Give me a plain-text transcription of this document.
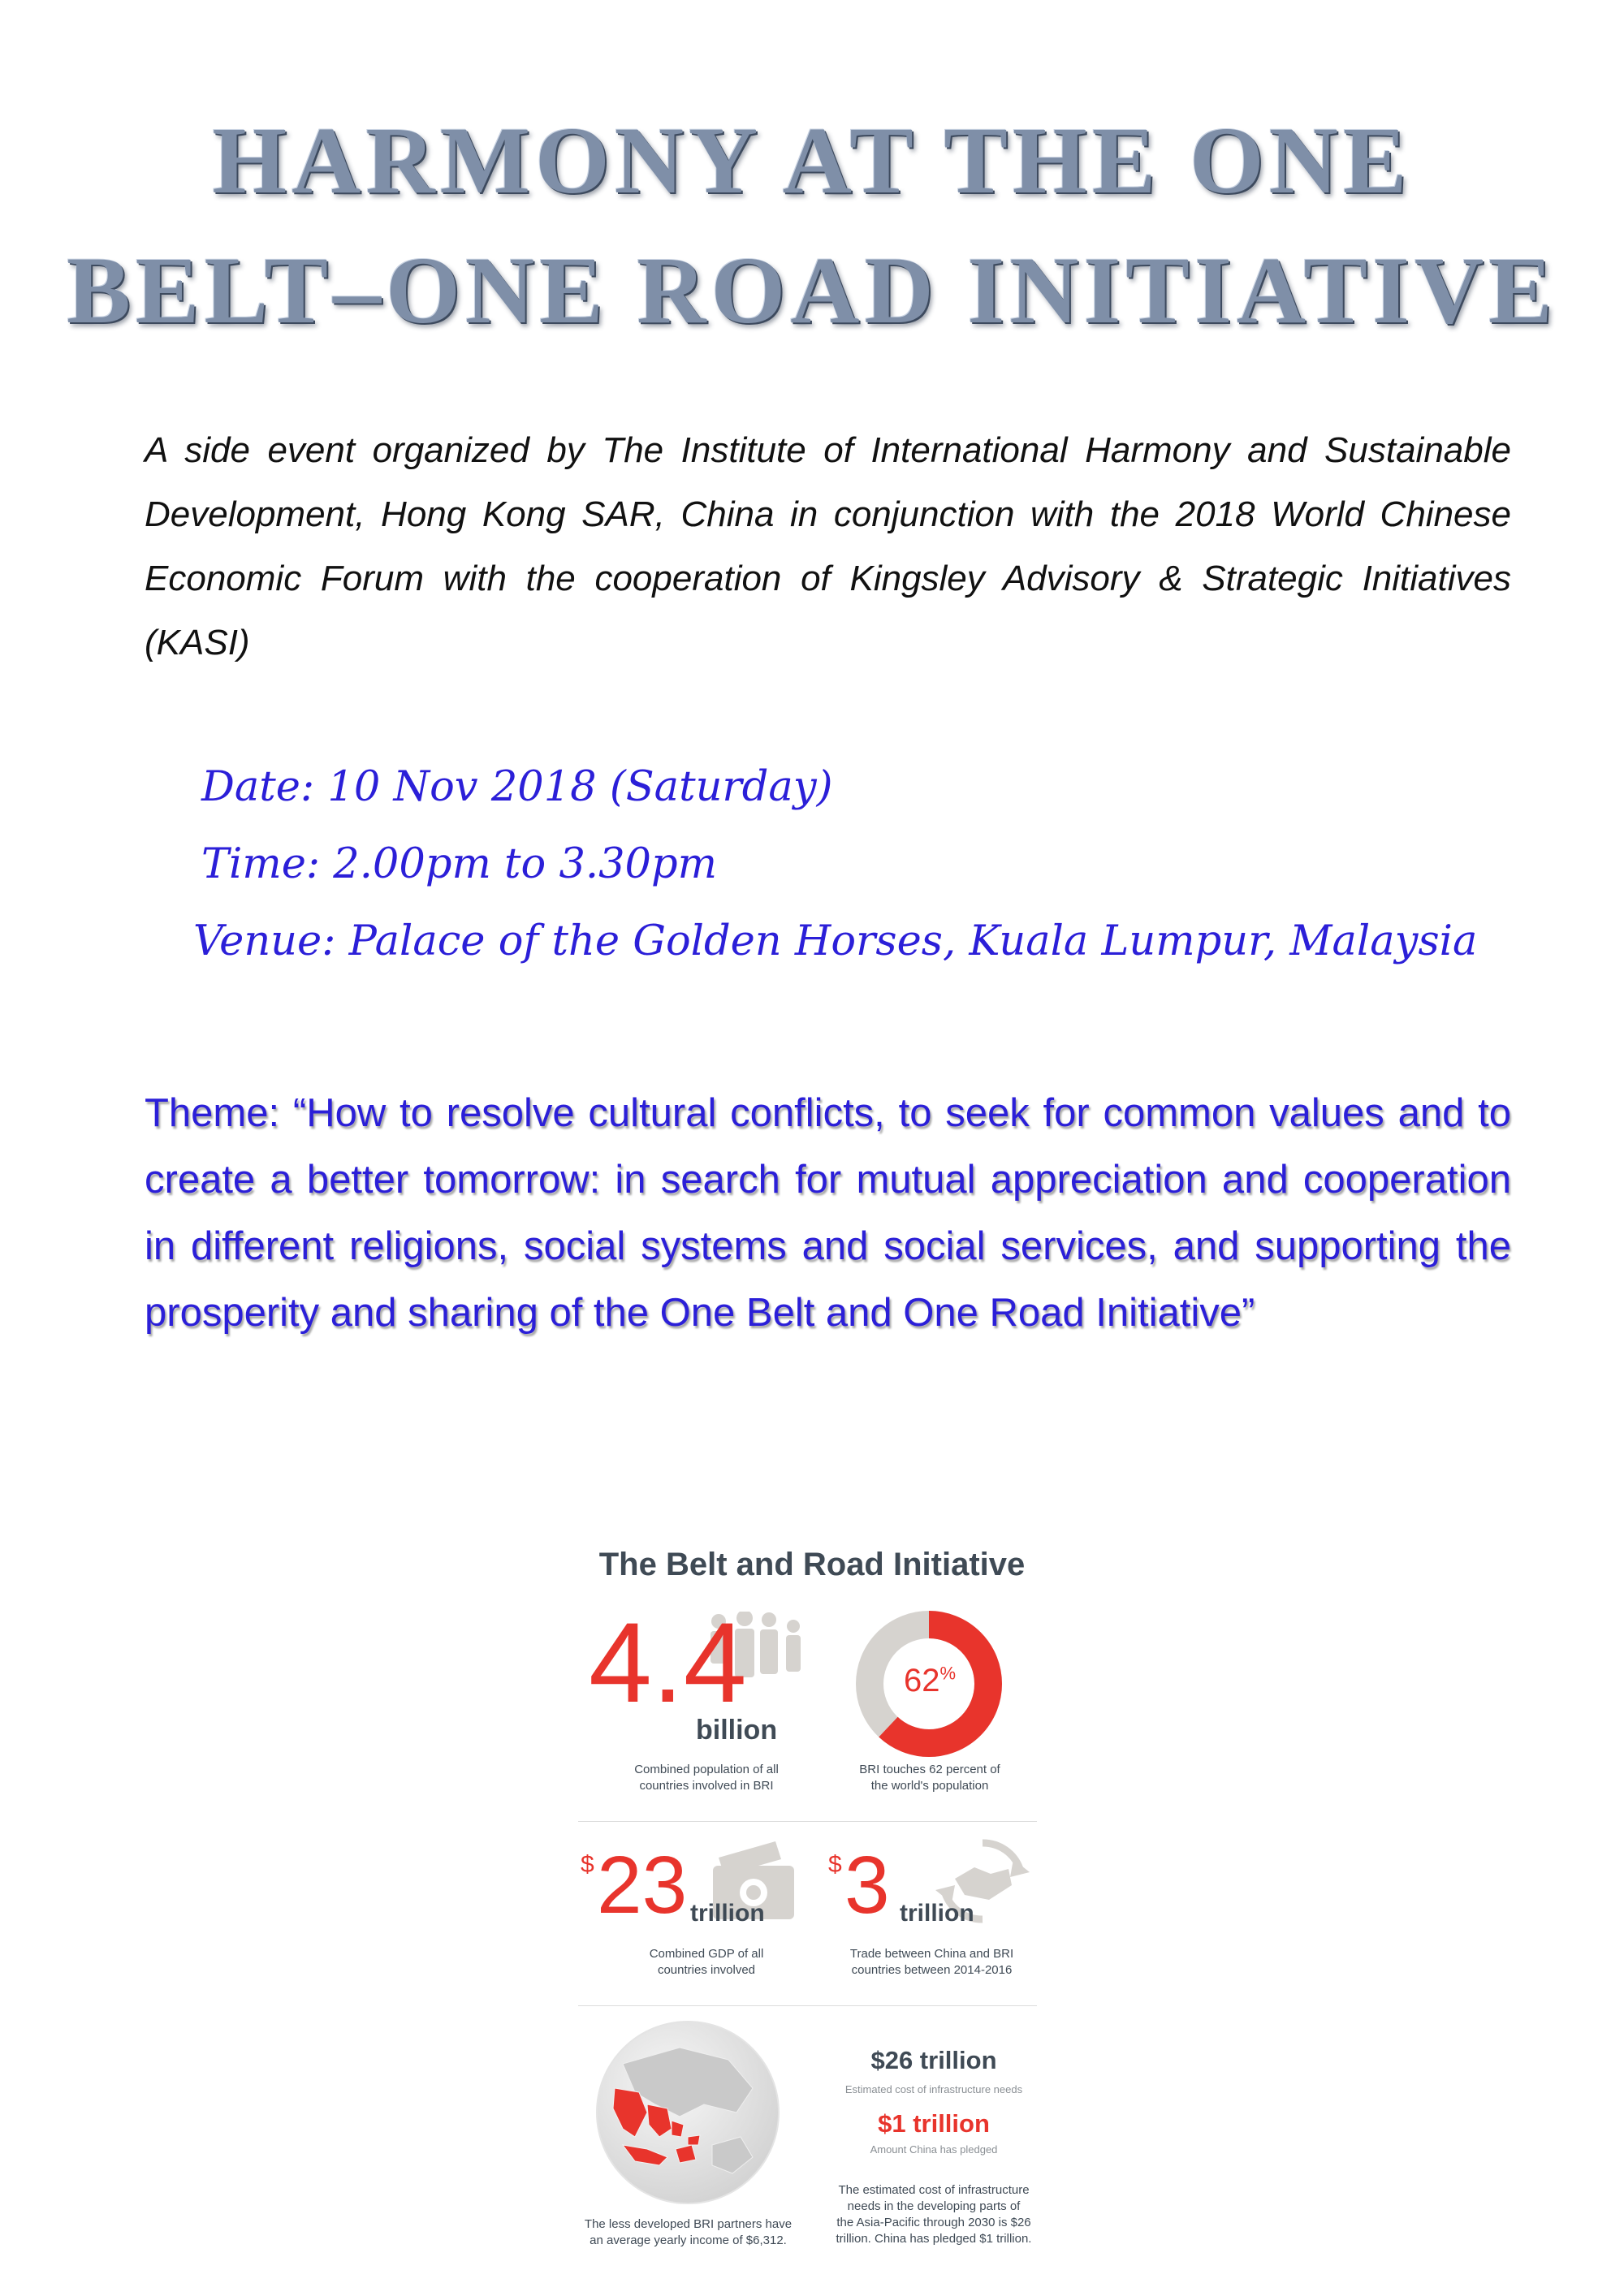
HARMONY AT THE ONE
BELT–ONE ROAD INITIATIVE
A side event organized by The Institute of International Harmony and Sustainable Development, Hong Kong SAR, China in conjunction with the 2018 World Chinese Economic Forum with the cooperation of Kingsley Advisory & Strategic Initiatives (KASI)
Date: 10 Nov 2018 (Saturday)
Time: 2.00pm to 3.30pm
Venue: Palace of the Golden Horses, Kuala Lumpur, Malaysia
Theme: “How to resolve cultural conflicts, to seek for common values and to create a better tomorrow: in search for mutual appreciation and cooperation in different religions, social systems and social services, and supporting the prosperity and sharing of the One Belt and One Road Initiative”
The Belt and Road Initiative
4.4
billion
Combined population of all
countries involved in BRI
62%
BRI touches 62 percent of
the world's population
$ 23 trillion
Combined GDP of all
countries involved
$ 3 trillion
Trade between China and BRI
countries between 2014-2016
The less developed BRI partners have
an average yearly income of $6,312.
$26 trillion
Estimated cost of infrastructure needs
$1 trillion
Amount China has pledged
The estimated cost of infrastructure
needs in the developing parts of
the Asia-Pacific through 2030 is $26
trillion. China has pledged $1 trillion.
